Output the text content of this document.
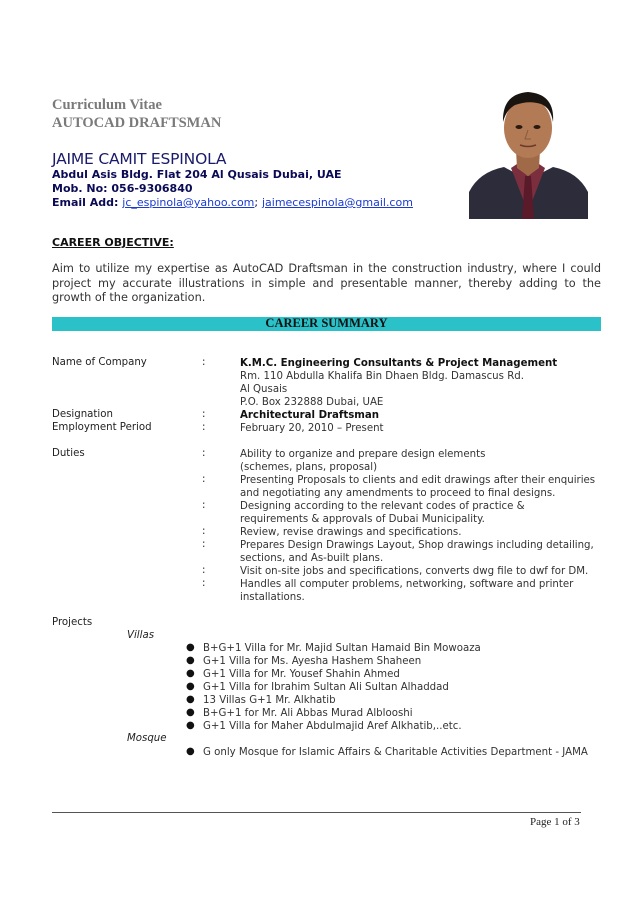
Curriculum Vitae
AUTOCAD DRAFTSMAN
JAIME CAMIT ESPINOLA
Abdul Asis Bldg. Flat 204 Al Qusais Dubai, UAE
Mob. No: 056-9306840
Email Add: jc_espinola@yahoo.com; jaimecespinola@gmail.com
CAREER OBJECTIVE:
Aim to utilize my expertise as AutoCAD Draftsman in the construction industry, where I could project my accurate illustrations in simple and presentable manner, thereby adding to the growth of the organization.
CAREER SUMMARY
Name of Company	:	K.M.C. Engineering Consultants & Project Management
Rm. 110 Abdulla Khalifa Bin Dhaen Bldg. Damascus Rd.
Al Qusais
P.O. Box 232888 Dubai, UAE
Designation	:	Architectural Draftsman
Employment Period	:	February 20, 2010 – Present
Duties	:	Ability to organize and prepare design elements
(schemes, plans, proposal)
:	Presenting Proposals to clients and edit drawings after their enquiries
and negotiating any amendments to proceed to final designs.
:	Designing according to the relevant codes of practice &
requirements & approvals of Dubai Municipality.
:	Review, revise drawings and specifications.
:	Prepares Design Drawings Layout, Shop drawings including detailing,
sections, and As-built plans.
:	Visit on-site jobs and specifications, converts dwg file to dwf for DM.
:	Handles all computer problems, networking, software and printer
installations.
Projects
Villas
● B+G+1 Villa for Mr. Majid Sultan Hamaid Bin Mowoaza
● G+1 Villa for Ms. Ayesha Hashem Shaheen
● G+1 Villa for Mr. Yousef Shahin Ahmed
● G+1 Villa for Ibrahim Sultan Ali Sultan Alhaddad
● 13 Villas G+1 Mr. Alkhatib
● B+G+1 for Mr. Ali Abbas Murad Alblooshi
● G+1 Villa for Maher Abdulmajid Aref Alkhatib,..etc.
Mosque
● G only Mosque for Islamic Affairs & Charitable Activities Department - JAMA
Page 1 of 3
